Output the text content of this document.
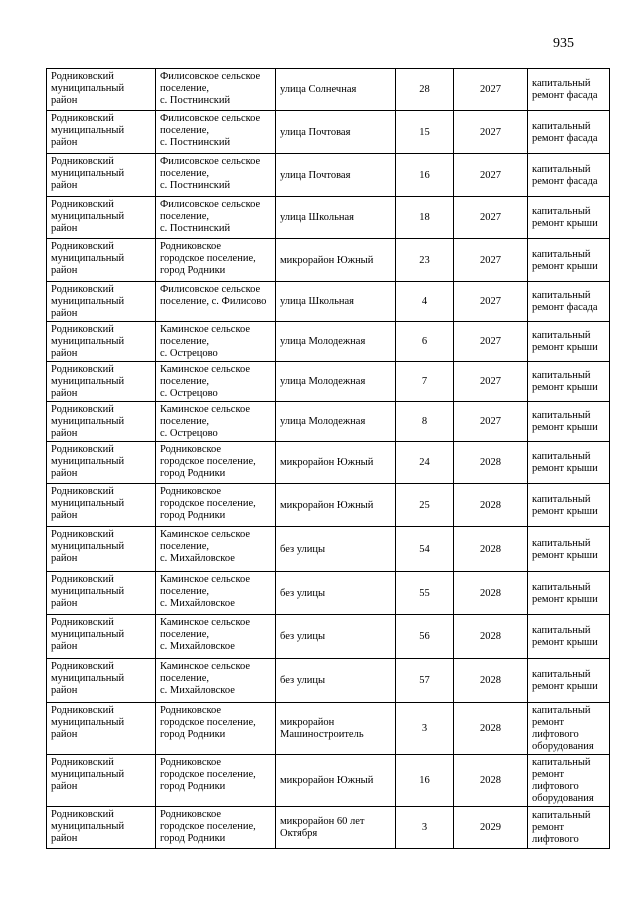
935
Родниковский
муниципальный
район	Филисовское сельское
поселение,
с. Постнинский	улица Солнечная	28	2027	капитальный
ремонт фасада

Родниковский
муниципальный
район	Филисовское сельское
поселение,
с. Постнинский	улица Почтовая	15	2027	капитальный
ремонт фасада

Родниковский
муниципальный
район	Филисовское сельское
поселение,
с. Постнинский	улица Почтовая	16	2027	капитальный
ремонт фасада

Родниковский
муниципальный
район	Филисовское сельское
поселение,
с. Постнинский	улица Школьная	18	2027	капитальный
ремонт крыши

Родниковский
муниципальный
район	Родниковское
городское поселение,
город Родники	микрорайон Южный	23	2027	капитальный
ремонт крыши

Родниковский
муниципальный
район	Филисовское сельское
поселение, с. Филисово	улица Школьная	4	2027	капитальный
ремонт фасада

Родниковский
муниципальный
район	Каминское сельское
поселение,
с. Острецово	улица Молодежная	6	2027	капитальный
ремонт крыши

Родниковский
муниципальный
район	Каминское сельское
поселение,
с. Острецово	улица Молодежная	7	2027	капитальный
ремонт крыши

Родниковский
муниципальный
район	Каминское сельское
поселение,
с. Острецово	улица Молодежная	8	2027	капитальный
ремонт крыши

Родниковский
муниципальный
район	Родниковское
городское поселение,
город Родники	микрорайон Южный	24	2028	капитальный
ремонт крыши

Родниковский
муниципальный
район	Родниковское
городское поселение,
город Родники	микрорайон Южный	25	2028	капитальный
ремонт крыши

Родниковский
муниципальный
район	Каминское сельское
поселение,
с. Михайловское	без улицы	54	2028	капитальный
ремонт крыши

Родниковский
муниципальный
район	Каминское сельское
поселение,
с. Михайловское	без улицы	55	2028	капитальный
ремонт крыши

Родниковский
муниципальный
район	Каминское сельское
поселение,
с. Михайловское	без улицы	56	2028	капитальный
ремонт крыши

Родниковский
муниципальный
район	Каминское сельское
поселение,
с. Михайловское	без улицы	57	2028	капитальный
ремонт крыши

Родниковский
муниципальный
район	Родниковское
городское поселение,
город Родники	микрорайон
Машиностроитель	3	2028	капитальный
ремонт
лифтового
оборудования

Родниковский
муниципальный
район	Родниковское
городское поселение,
город Родники	микрорайон Южный	16	2028	капитальный
ремонт
лифтового
оборудования

Родниковский
муниципальный
район	Родниковское
городское поселение,
город Родники	микрорайон 60 лет
Октября	3	2029	капитальный
ремонт
лифтового
